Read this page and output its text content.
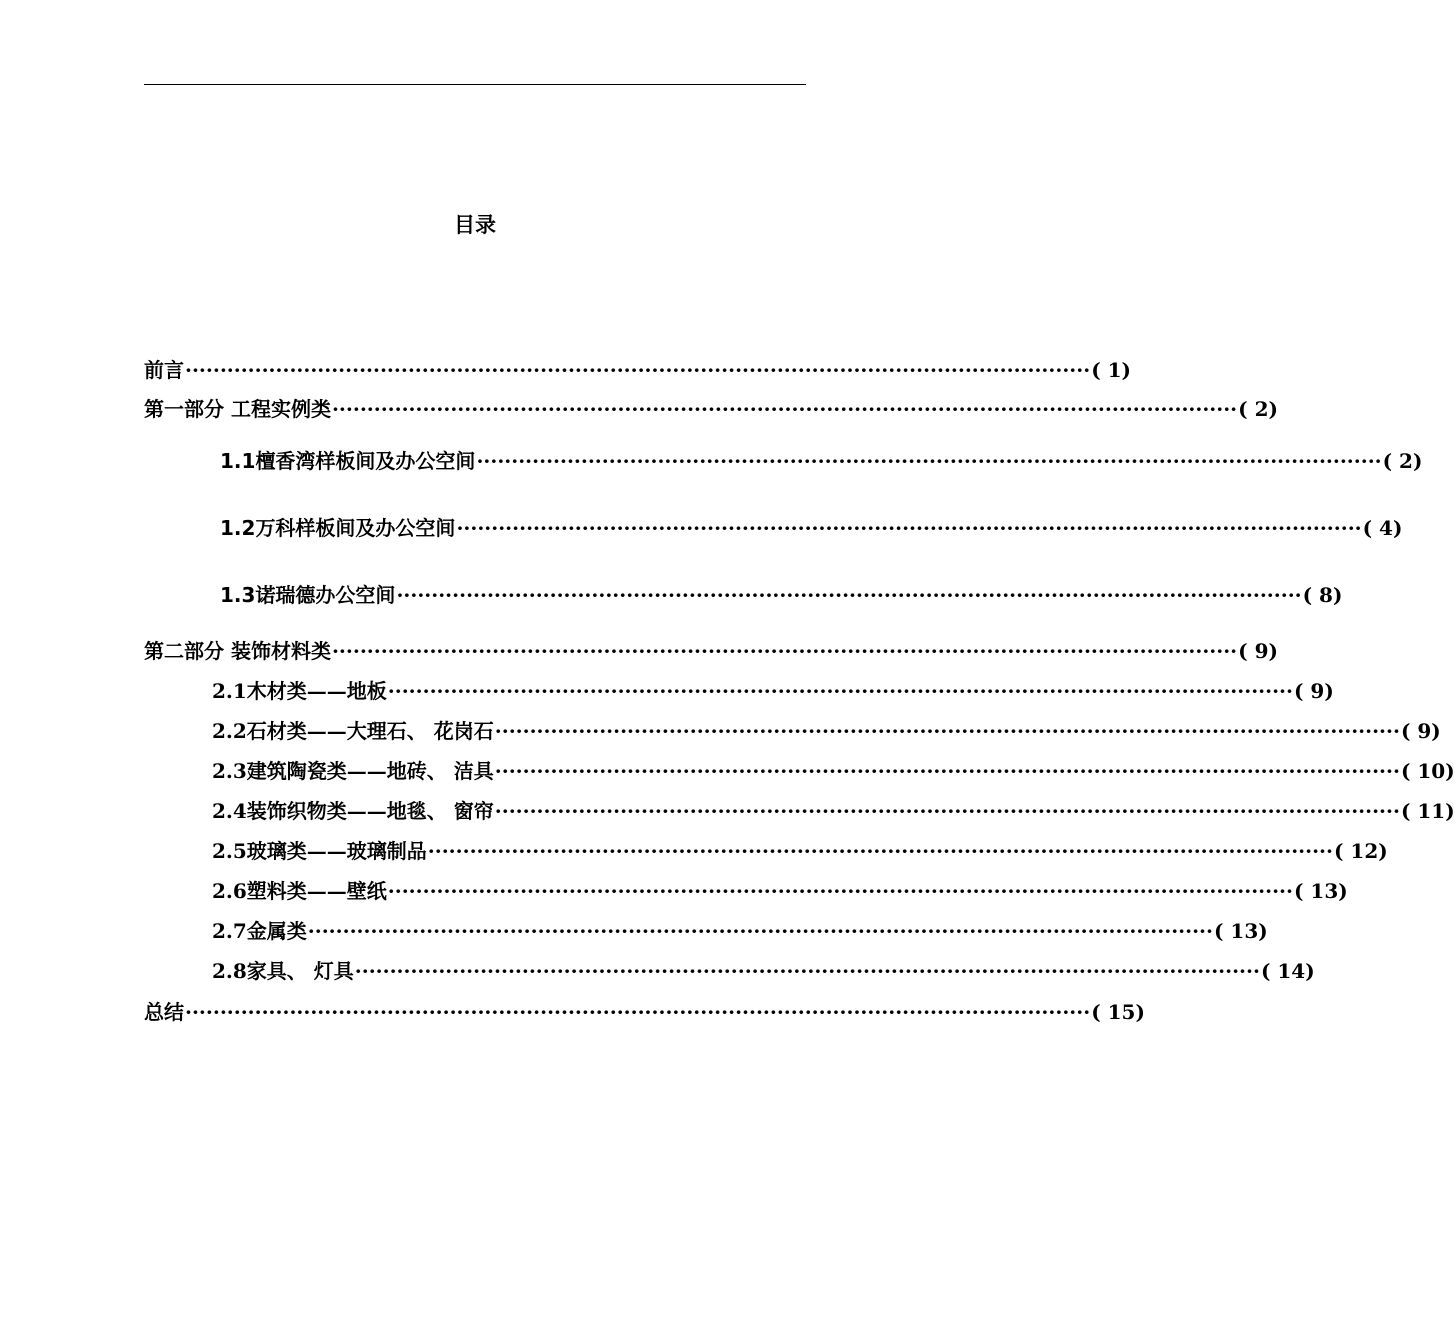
目录
前言 ·································································································································· ( 1)
第一部分 工程实例类 ·································································································································· ( 2)
1.1 檀香湾样板间及办公空间 ·································································································································· ( 2)
1.2 万科样板间及办公空间 ·································································································································· ( 4)
1.3 诺瑞德办公空间 ·································································································································· ( 8)
第二部分 装饰材料类 ·································································································································· ( 9)
2.1 木材类——地板 ·································································································································· ( 9)
2.2 石材类——大理石、 花岗石 ·································································································································· ( 9)
2.3 建筑陶瓷类——地砖、 洁具 ·································································································································· ( 10)
2.4 装饰织物类——地毯、 窗帘 ·································································································································· ( 11)
2.5 玻璃类——玻璃制品 ·································································································································· ( 12)
2.6 塑料类——壁纸 ·································································································································· ( 13)
2.7 金属类 ·································································································································· ( 13)
2.8 家具、 灯具 ·································································································································· ( 14)
总结 ·································································································································· ( 15)
